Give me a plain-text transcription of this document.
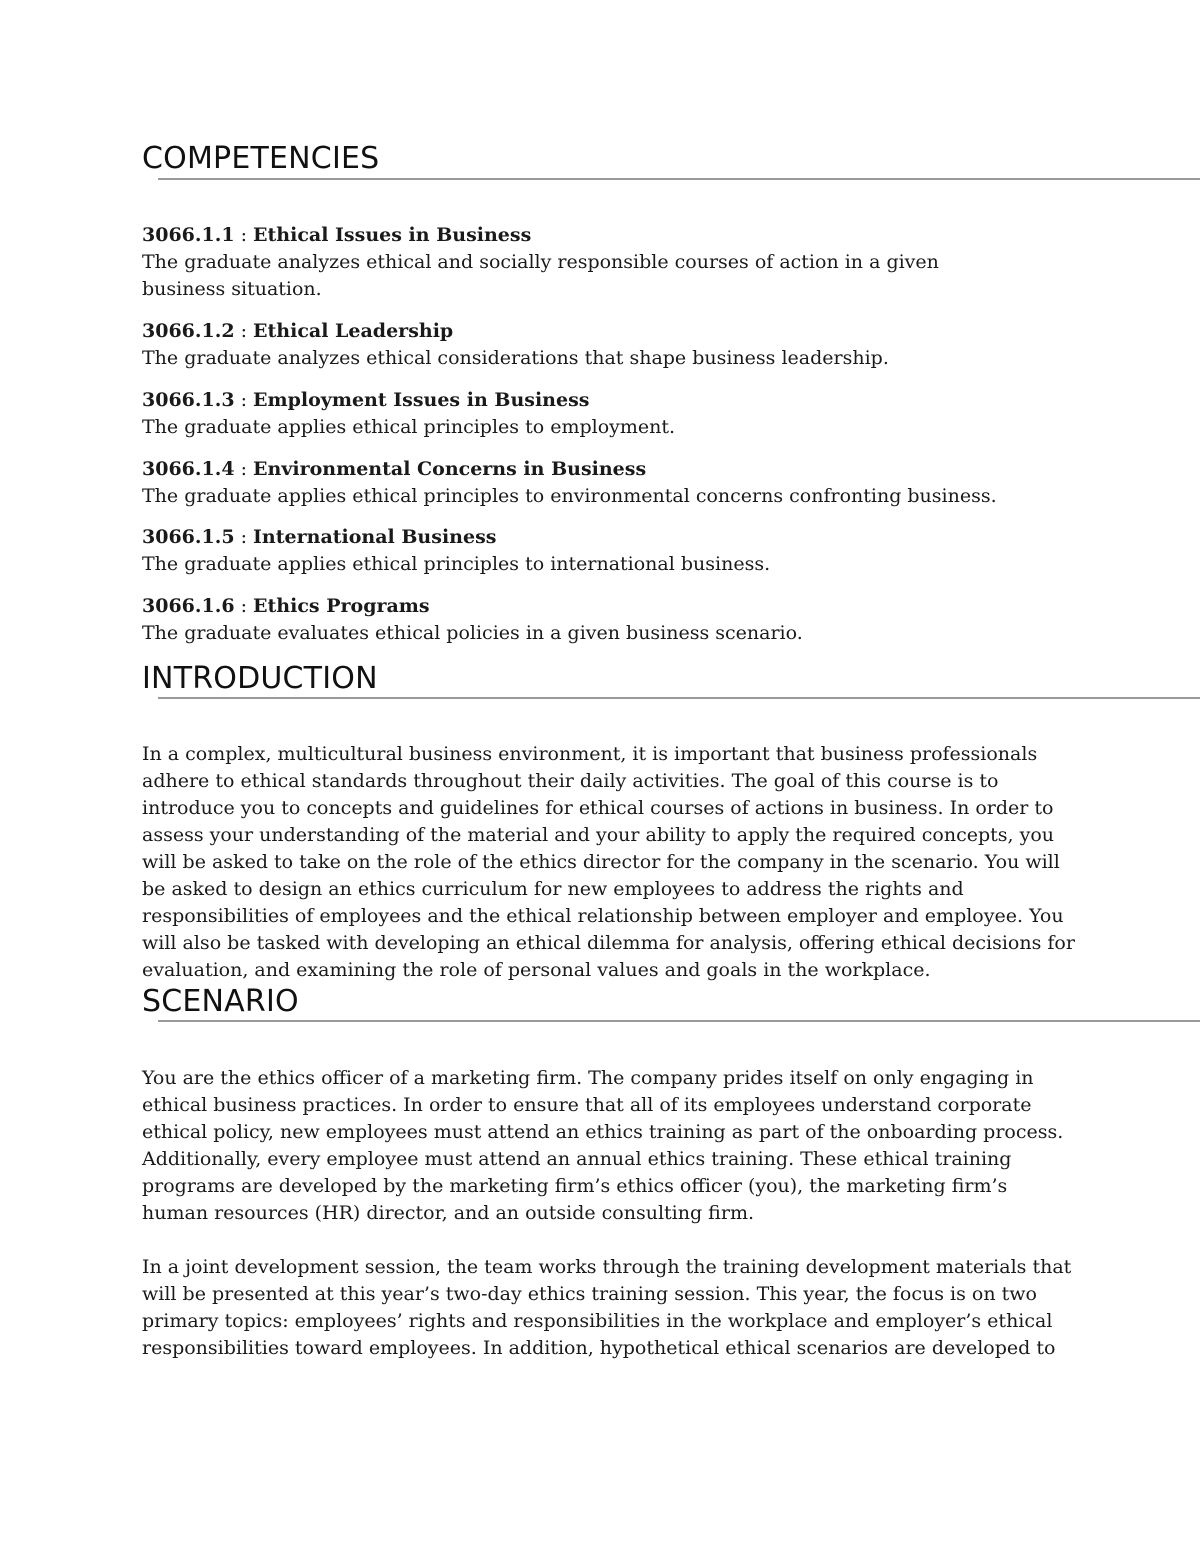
COMPETENCIES
3066.1.1 : Ethical Issues in Business
The graduate analyzes ethical and socially responsible courses of action in a given business situation.
3066.1.2 : Ethical Leadership
The graduate analyzes ethical considerations that shape business leadership.
3066.1.3 : Employment Issues in Business
The graduate applies ethical principles to employment.
3066.1.4 : Environmental Concerns in Business
The graduate applies ethical principles to environmental concerns confronting business.
3066.1.5 : International Business
The graduate applies ethical principles to international business.
3066.1.6 : Ethics Programs
The graduate evaluates ethical policies in a given business scenario.
INTRODUCTION

In a complex, multicultural business environment, it is important that business professionals adhere to ethical standards throughout their daily activities. The goal of this course is to introduce you to concepts and guidelines for ethical courses of actions in business. In order to assess your understanding of the material and your ability to apply the required concepts, you will be asked to take on the role of the ethics director for the company in the scenario. You will be asked to design an ethics curriculum for new employees to address the rights and responsibilities of employees and the ethical relationship between employer and employee. You will also be tasked with developing an ethical dilemma for analysis, offering ethical decisions for evaluation, and examining the role of personal values and goals in the workplace.

SCENARIO

You are the ethics officer of a marketing firm. The company prides itself on only engaging in ethical business practices. In order to ensure that all of its employees understand corporate ethical policy, new employees must attend an ethics training as part of the onboarding process. Additionally, every employee must attend an annual ethics training. These ethical training programs are developed by the marketing firm’s ethics officer (you), the marketing firm’s human resources (HR) director, and an outside consulting firm.

In a joint development session, the team works through the training development materials that will be presented at this year’s two-day ethics training session. This year, the focus is on two primary topics: employees’ rights and responsibilities in the workplace and employer’s ethical responsibilities toward employees. In addition, hypothetical ethical scenarios are developed to
